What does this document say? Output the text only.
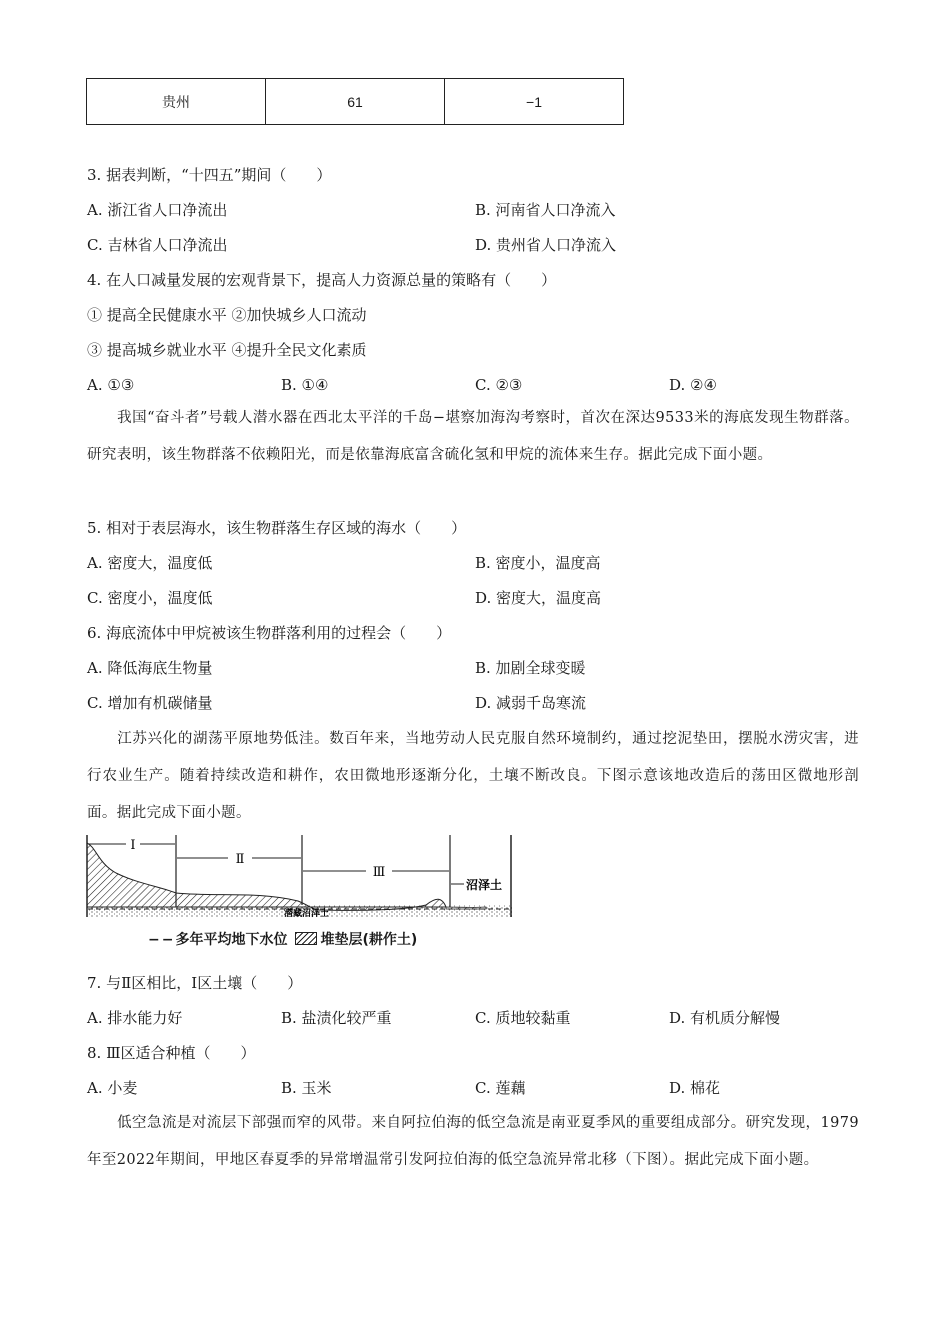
贵州	61	−1
3. 据表判断，“十四五”期间（　　）
A. 浙江省人口净流出	B. 河南省人口净流入
C. 吉林省人口净流出	D. 贵州省人口净流入
4. 在人口减量发展的宏观背景下，提高人力资源总量的策略有（　　）
① 提高全民健康水平 ②加快城乡人口流动
③ 提高城乡就业水平 ④提升全民文化素质
A. ①③	B. ①④	C. ②③	D. ②④
我国“奋斗者”号载人潜水器在西北太平洋的千岛−堪察加海沟考察时，首次在深达9533米的海底发现生物群落。研究表明，该生物群落不依赖阳光，而是依靠海底富含硫化氢和甲烷的流体来生存。据此完成下面小题。
5. 相对于表层海水，该生物群落生存区域的海水（　　）
A. 密度大，温度低	B. 密度小，温度高
C. 密度小，温度低	D. 密度大，温度高
6. 海底流体中甲烷被该生物群落利用的过程会（　　）
A. 降低海底生物量	B. 加剧全球变暖
C. 增加有机碳储量	D. 减弱千岛寒流
江苏兴化的湖荡平原地势低洼。数百年来，当地劳动人民克服自然环境制约，通过挖泥垫田，摆脱水涝灾害，进行农业生产。随着持续改造和耕作，农田微地形逐渐分化，土壤不断改良。下图示意该地改造后的荡田区微地形剖面。据此完成下面小题。
Ⅰ
Ⅱ
Ⅲ
沼泽土
潜藏沼泽土
−−多年平均地下水位 堆垫层(耕作土)
7. 与Ⅱ区相比，Ⅰ区土壤（　　）
A. 排水能力好	B. 盐渍化较严重	C. 质地较黏重	D. 有机质分解慢
8. Ⅲ区适合种植（　　）
A. 小麦	B. 玉米	C. 莲藕	D. 棉花
低空急流是对流层下部强而窄的风带。来自阿拉伯海的低空急流是南亚夏季风的重要组成部分。研究发现，1979年至2022年期间，甲地区春夏季的异常增温常引发阿拉伯海的低空急流异常北移（下图）。据此完成下面小题。
